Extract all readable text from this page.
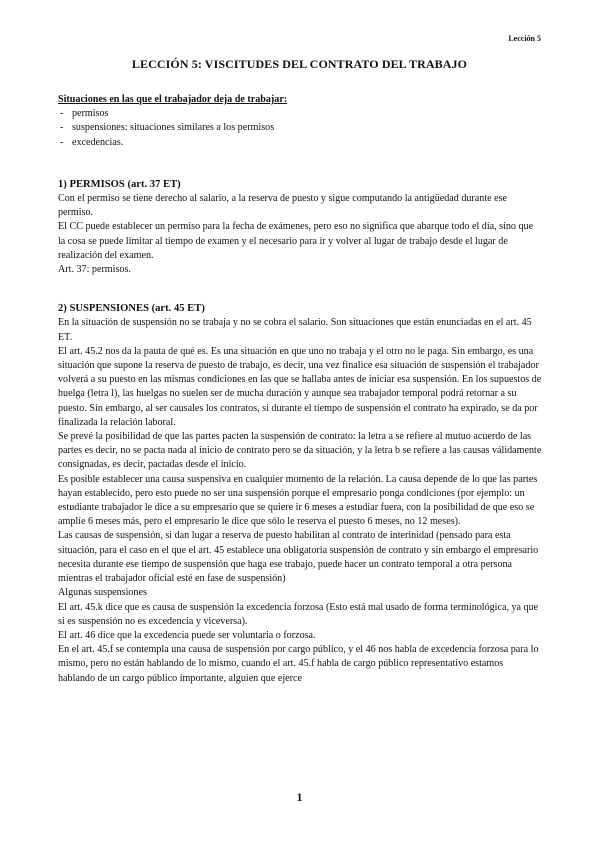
Lección 5
LECCIÓN 5: VISCITUDES DEL CONTRATO DEL TRABAJO
Situaciones en las que el trabajador deja de trabajar:
- permisos
- suspensiones: situaciones similares a los permisos
- excedencias.
1) PERMISOS (art. 37 ET)

Con el permiso se tiene derecho al salario, a la reserva de puesto y sigue computando la antigüedad durante ese permiso.

El CC puede establecer un permiso para la fecha de exámenes, pero eso no significa que abarque todo el día, sino que la cosa se puede limitar al tiempo de examen y el necesario para ir y volver al lugar de trabajo desde el lugar de realización del examen.

Art. 37: permisos.

2) SUSPENSIONES (art. 45 ET)

En la situación de suspensión no se trabaja y no se cobra el salario. Son situaciones que están enunciadas en el art. 45 ET.

El art. 45.2 nos da la pauta de qué es. Es una situación en que uno no trabaja y el otro no le paga. Sin embargo, es una situación que supone la reserva de puesto de trabajo, es decir, una vez finalice esa situación de suspensión el trabajador volverá a su puesto en las mismas condiciones en las que se hallaba antes de iniciar esa suspensión. En los supuestos de huelga (letra l), las huelgas no suelen ser de mucha duración y aunque sea trabajador temporal podrá retornar a su puesto. Sin embargo, al ser causales los contratos, si durante el tiempo de suspensión el contrato ha expirado, se da por finalizada la relación laboral.

Se prevé la posibilidad de que las partes pacten la suspensión de contrato: la letra a se refiere al mutuo acuerdo de las partes es decir, no se pacta nada al inicio de contrato pero se da situación, y la letra b se refiere a las causas válidamente consignadas, es decir, pactadas desde el inicio.

Es posible establecer una causa suspensiva en cualquier momento de la relación. La causa depende de lo que las partes hayan establecido, pero esto puede no ser una suspensión porque el empresario ponga condiciones (por ejemplo: un estudiante trabajador le dice a su empresario que se quiere ir 6 meses a estudiar fuera, con la posibilidad de que eso se amplíe 6 meses más, pero el empresario le dice que sólo le reserva el puesto 6 meses, no 12 meses).

Las causas de suspensión, si dan lugar a reserva de puesto habilitan al contrato de interinidad (pensado para esta situación, para el caso en el que el art. 45 establece una obligatoria suspensión de contrato y sin embargo el empresario necesita durante ese tiempo de suspensión que haga ese trabajo, puede hacer un contrato temporal a otra persona mientras el trabajador oficial esté en fase de suspensión)

Algunas suspensiones

El art. 45.k dice que es causa de suspensión la excedencia forzosa (Esto está mal usado de forma terminológica, ya que si es suspensión no es excedencia y viceversa).

El art. 46 dice que la excedencia puede ser voluntaria o forzosa.

En el art. 45.f se contempla una causa de suspensión por cargo público, y el 46 nos habla de excedencia forzosa para lo mismo, pero no están hablando de lo mismo, cuando el art. 45.f habla de cargo público representativo estamos hablando de un cargo público importante, alguien que ejerce

1
